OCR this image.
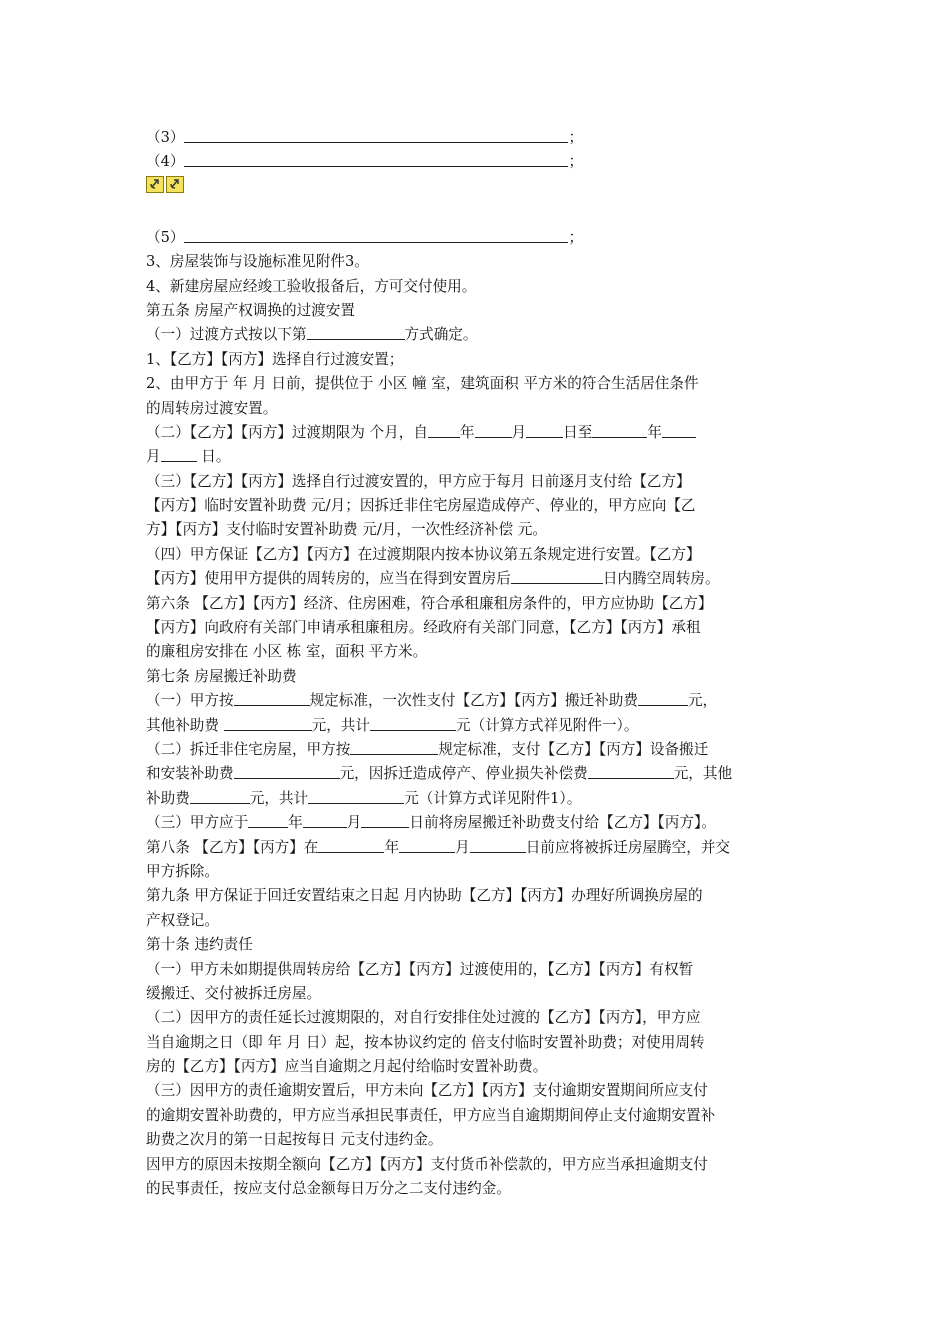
（3）	；
（4）	；
（5）	；
3、房屋装饰与设施标准见附件3。
4、新建房屋应经竣工验收报备后，方可交付使用。
第五条 房屋产权调换的过渡安置
（一）过渡方式按以下第	方式确定。
1、【乙方】【丙方】选择自行过渡安置；
2、由甲方于 年 月 日前，提供位于 小区 幢 室，建筑面积 平方米的符合生活居住条件
的周转房过渡安置。
（二）【乙方】【丙方】过渡期限为 个月，自 年	月	日至	年
月 日。
（三）【乙方】【丙方】选择自行过渡安置的，甲方应于每月 日前逐月支付给【乙方】
【丙方】临时安置补助费 元/月；因拆迁非住宅房屋造成停产、停业的，甲方应向【乙
方】【丙方】支付临时安置补助费 元/月，一次性经济补偿 元。
（四）甲方保证【乙方】【丙方】在过渡期限内按本协议第五条规定进行安置。【乙方】
【丙方】使用甲方提供的周转房的，应当在得到安置房后	日内腾空周转房。
第六条 【乙方】【丙方】经济、住房困难，符合承租廉租房条件的，甲方应协助【乙方】
【丙方】向政府有关部门申请承租廉租房。经政府有关部门同意，【乙方】【丙方】承租
的廉租房安排在 小区 栋 室，面积 平方米。
第七条 房屋搬迁补助费
（一）甲方按	规定标准，一次性支付【乙方】【丙方】搬迁补助费	元，
其他补助费	元，共计	元（计算方式祥见附件一）。
（二）拆迁非住宅房屋，甲方按	规定标准，支付【乙方】【丙方】设备搬迁
和安装补助费	元，因拆迁造成停产、停业损失补偿费	元，其他
补助费	元，共计	元（计算方式详见附件1）。
（三）甲方应于	年	月	日前将房屋搬迁补助费支付给【乙方】【丙方】。
第八条 【乙方】【丙方】在	年	月	日前应将被拆迁房屋腾空，并交
甲方拆除。
第九条 甲方保证于回迁安置结束之日起 月内协助【乙方】【丙方】办理好所调换房屋的
产权登记。
第十条 违约责任
（一）甲方未如期提供周转房给【乙方】【丙方】过渡使用的，【乙方】【丙方】有权暂
缓搬迁、交付被拆迁房屋。
（二）因甲方的责任延长过渡期限的，对自行安排住处过渡的【乙方】【丙方】，甲方应
当自逾期之日（即 年 月 日）起，按本协议约定的 倍支付临时安置补助费；对使用周转
房的【乙方】【丙方】应当自逾期之月起付给临时安置补助费。
（三）因甲方的责任逾期安置后，甲方未向【乙方】【丙方】支付逾期安置期间所应支付
的逾期安置补助费的，甲方应当承担民事责任，甲方应当自逾期期间停止支付逾期安置补
助费之次月的第一日起按每日 元支付违约金。
因甲方的原因未按期全额向【乙方】【丙方】支付货币补偿款的，甲方应当承担逾期支付
的民事责任，按应支付总金额每日万分之二支付违约金。
